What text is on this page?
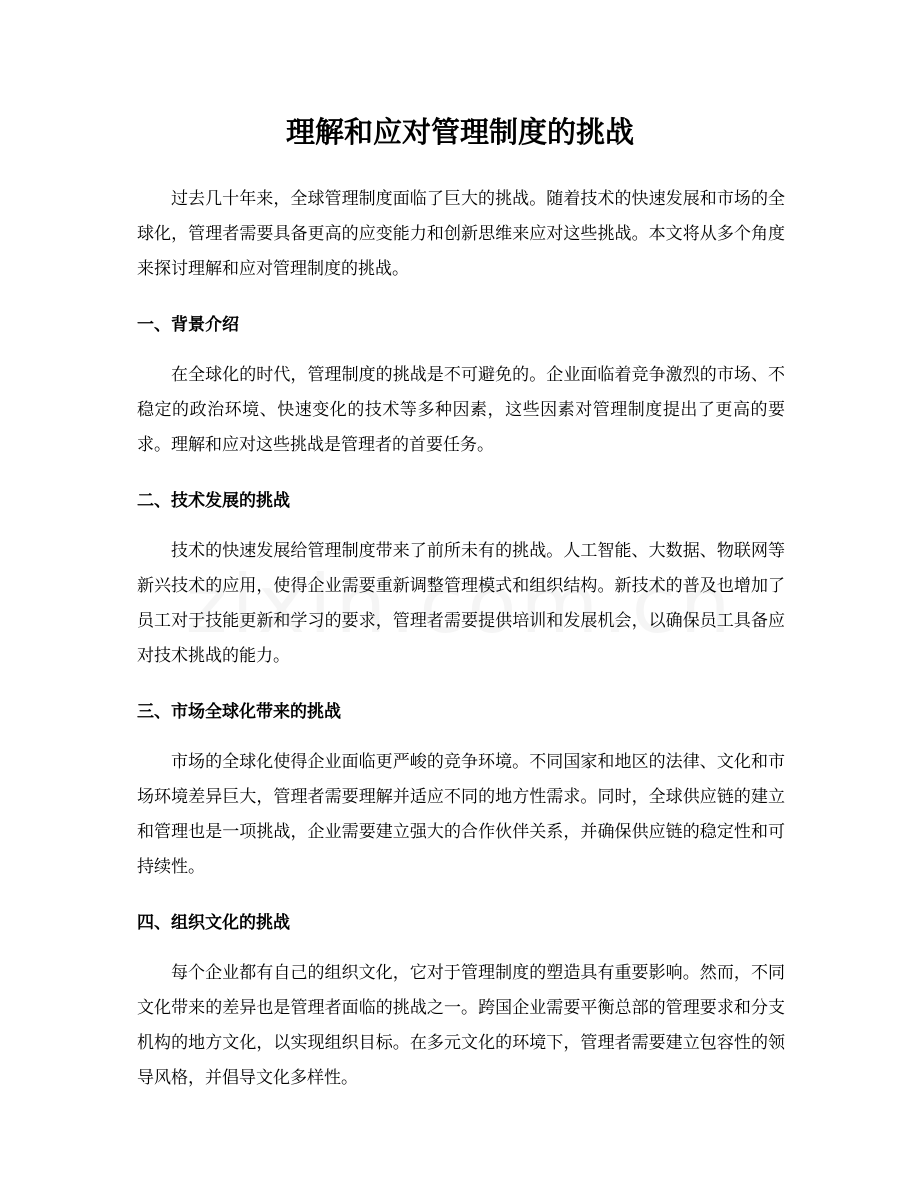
理解和应对管理制度的挑战

过去几十年来，全球管理制度面临了巨大的挑战。随着技术的快速发展和市场的全球化，管理者需要具备更高的应变能力和创新思维来应对这些挑战。本文将从多个角度来探讨理解和应对管理制度的挑战。

一、背景介绍

在全球化的时代，管理制度的挑战是不可避免的。企业面临着竞争激烈的市场、不稳定的政治环境、快速变化的技术等多种因素，这些因素对管理制度提出了更高的要求。理解和应对这些挑战是管理者的首要任务。

二、技术发展的挑战

技术的快速发展给管理制度带来了前所未有的挑战。人工智能、大数据、物联网等新兴技术的应用，使得企业需要重新调整管理模式和组织结构。新技术的普及也增加了员工对于技能更新和学习的要求，管理者需要提供培训和发展机会，以确保员工具备应对技术挑战的能力。

三、市场全球化带来的挑战

市场的全球化使得企业面临更严峻的竞争环境。不同国家和地区的法律、文化和市场环境差异巨大，管理者需要理解并适应不同的地方性需求。同时，全球供应链的建立和管理也是一项挑战，企业需要建立强大的合作伙伴关系，并确保供应链的稳定性和可持续性。

四、组织文化的挑战

每个企业都有自己的组织文化，它对于管理制度的塑造具有重要影响。然而，不同文化带来的差异也是管理者面临的挑战之一。跨国企业需要平衡总部的管理要求和分支机构的地方文化，以实现组织目标。在多元文化的环境下，管理者需要建立包容性的领导风格，并倡导文化多样性。
